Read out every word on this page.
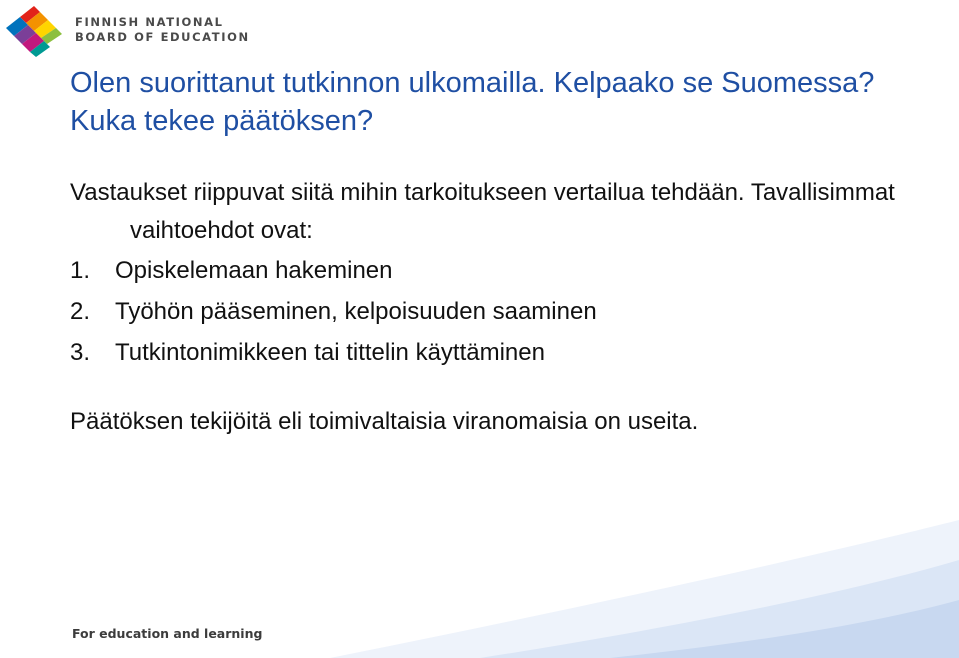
FINNISH NATIONAL
BOARD OF EDUCATION
Olen suorittanut tutkinnon ulkomailla. Kelpaako se Suomessa? Kuka tekee päätöksen?
Vastaukset riippuvat siitä mihin tarkoitukseen vertailua tehdään. Tavallisimmat vaihtoehdot ovat:
1. Opiskelemaan hakeminen
2. Työhön pääseminen, kelpoisuuden saaminen
3. Tutkintonimikkeen tai tittelin käyttäminen
Päätöksen tekijöitä eli toimivaltaisia viranomaisia on useita.
For education and learning
